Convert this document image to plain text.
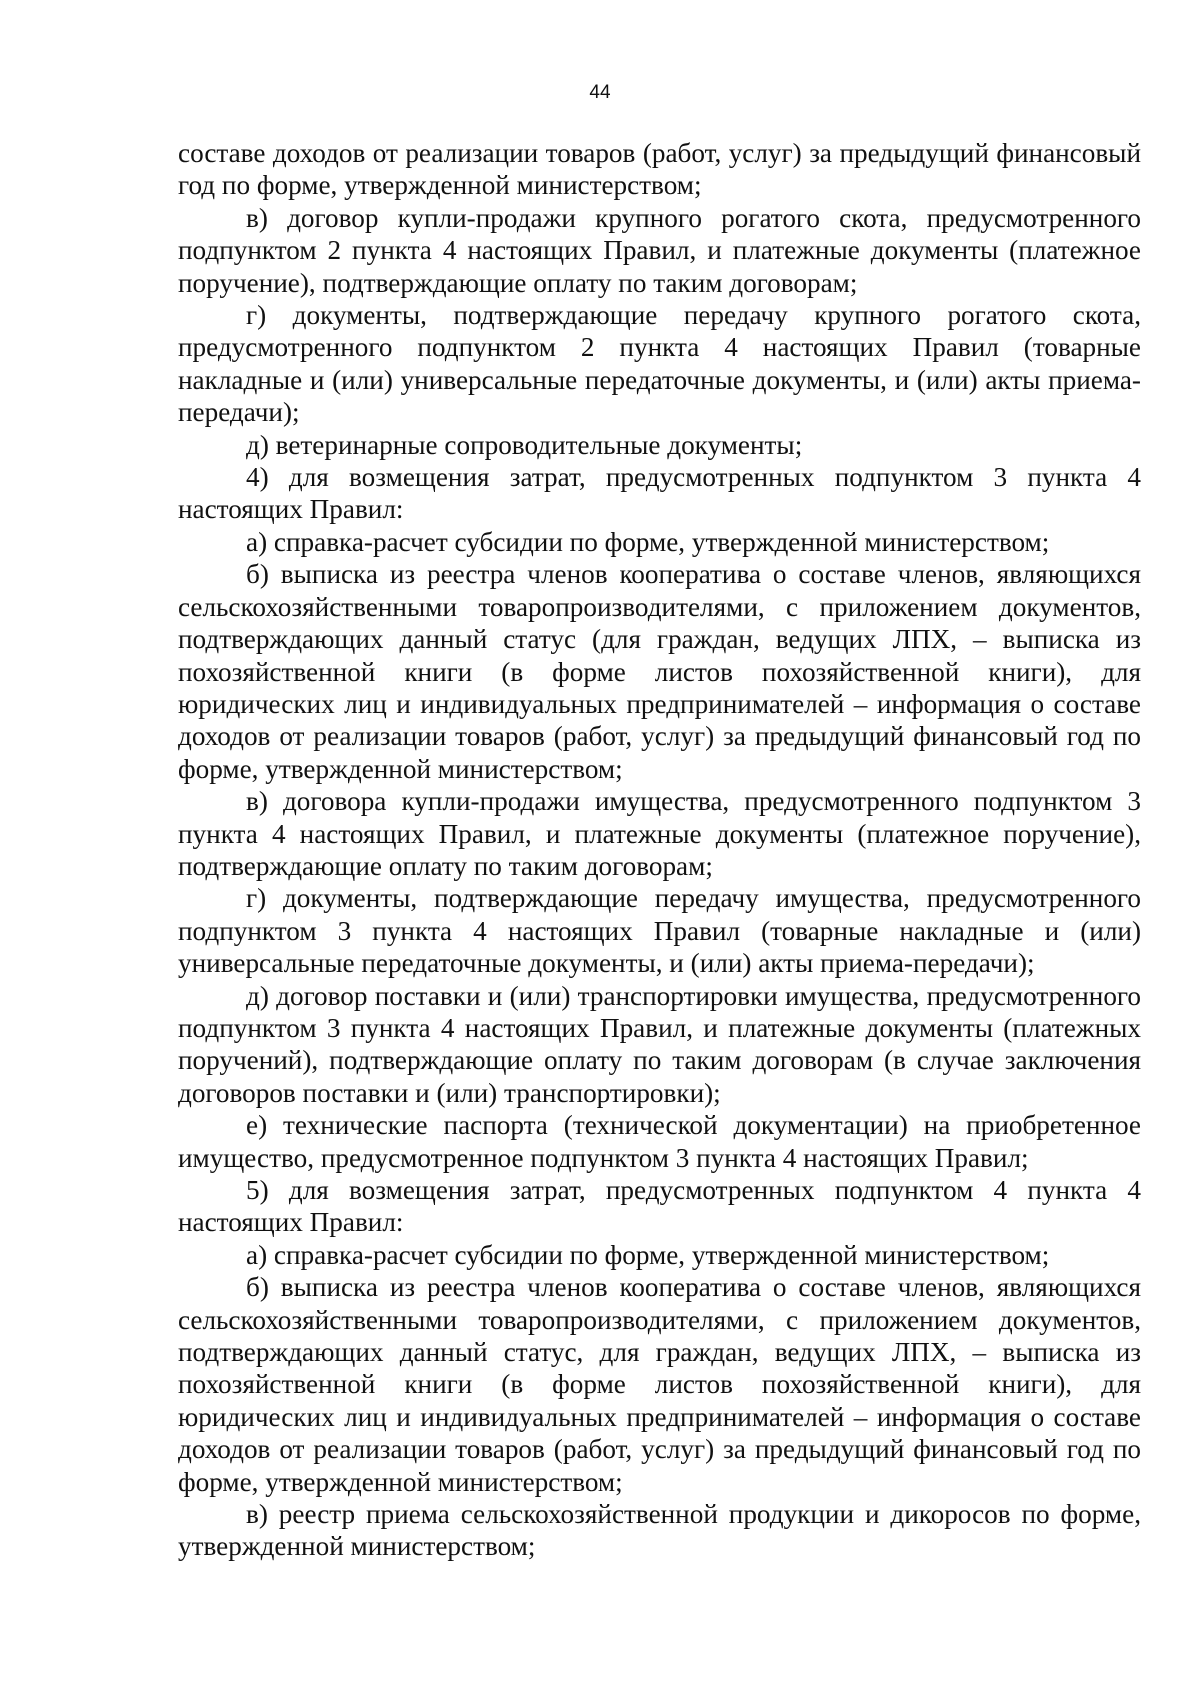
44

составе доходов от реализации товаров (работ, услуг) за предыдущий финансовый год по форме, утвержденной министерством;

в) договор купли-продажи крупного рогатого скота, предусмотренного подпунктом 2 пункта 4 настоящих Правил, и платежные документы (платежное поручение), подтверждающие оплату по таким договорам;

г) документы, подтверждающие передачу крупного рогатого скота, предусмотренного подпунктом 2 пункта 4 настоящих Правил (товарные накладные и (или) универсальные передаточные документы, и (или) акты приема-передачи);

д) ветеринарные сопроводительные документы;

4) для возмещения затрат, предусмотренных подпунктом 3 пункта 4 настоящих Правил:

а) справка-расчет субсидии по форме, утвержденной министерством;

б) выписка из реестра членов кооператива о составе членов, являющихся сельскохозяйственными товаропроизводителями, с приложением документов, подтверждающих данный статус (для граждан, ведущих ЛПХ, – выписка из похозяйственной книги (в форме листов похозяйственной книги), для юридических лиц и индивидуальных предпринимателей – информация о составе доходов от реализации товаров (работ, услуг) за предыдущий финансовый год по форме, утвержденной министерством;

в) договора купли-продажи имущества, предусмотренного подпунктом 3 пункта 4 настоящих Правил, и платежные документы (платежное поручение), подтверждающие оплату по таким договорам;

г) документы, подтверждающие передачу имущества, предусмотренного подпунктом 3 пункта 4 настоящих Правил (товарные накладные и (или) универсальные передаточные документы, и (или) акты приема-передачи);

д) договор поставки и (или) транспортировки имущества, предусмотренного подпунктом 3 пункта 4 настоящих Правил, и платежные документы (платежных поручений), подтверждающие оплату по таким договорам (в случае заключения договоров поставки и (или) транспортировки);

е) технические паспорта (технической документации) на приобретенное имущество, предусмотренное подпунктом 3 пункта 4 настоящих Правил;

5) для возмещения затрат, предусмотренных подпунктом 4 пункта 4 настоящих Правил:

а) справка-расчет субсидии по форме, утвержденной министерством;

б) выписка из реестра членов кооператива о составе членов, являющихся сельскохозяйственными товаропроизводителями, с приложением документов, подтверждающих данный статус, для граждан, ведущих ЛПХ, – выписка из похозяйственной книги (в форме листов похозяйственной книги), для юридических лиц и индивидуальных предпринимателей – информация о составе доходов от реализации товаров (работ, услуг) за предыдущий финансовый год по форме, утвержденной министерством;

в) реестр приема сельскохозяйственной продукции и дикоросов по форме, утвержденной министерством;
